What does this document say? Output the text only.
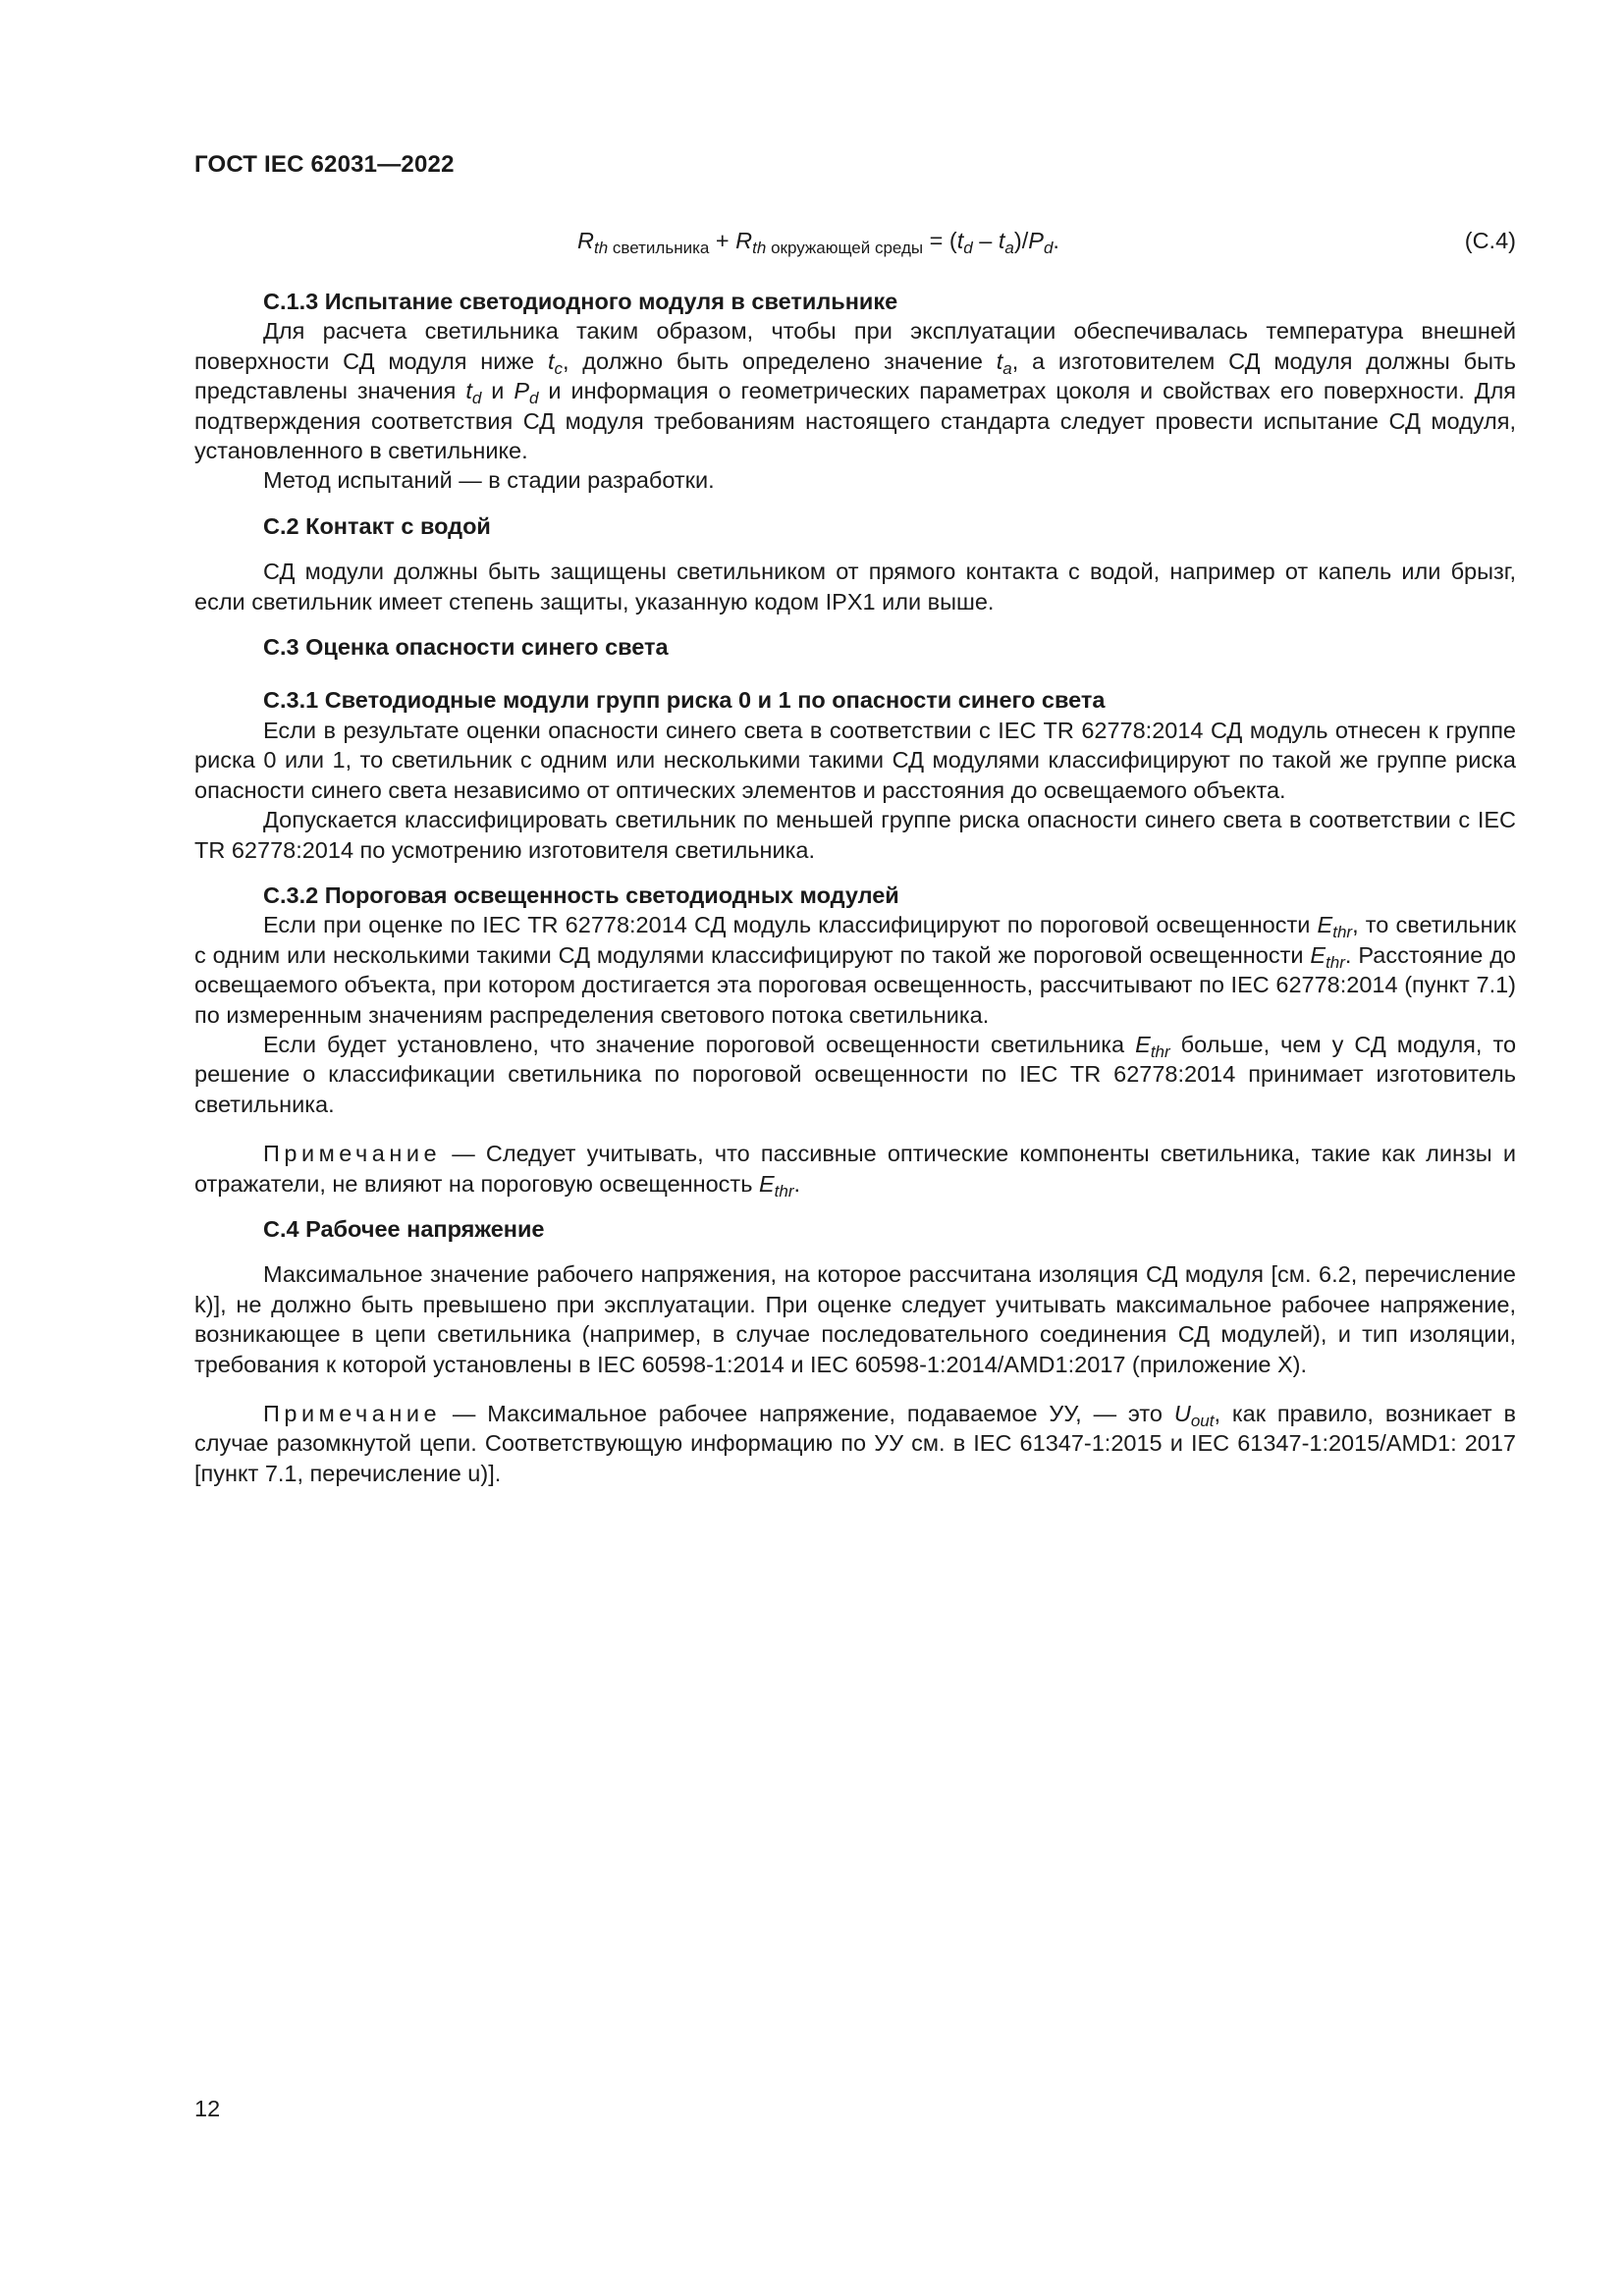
ГОСТ IEC 62031—2022
$R_{th светильника} + R_{th окружающей среды} = (t_d - t_a)/P_d$.	(C.4)
С.1.3 Испытание светодиодного модуля в светильнике

Для расчета светильника таким образом, чтобы при эксплуатации обеспечивалась температура внешней поверхности СД модуля ниже $t_c$, должно быть определено значение $t_a$, а изготовителем СД модуля должны быть представлены значения $t_d$ и $P_d$ и информация о геометрических параметрах цоколя и свойствах его поверхности. Для подтверждения соответствия СД модуля требованиям настоящего стандарта следует провести испытание СД модуля, установленного в светильнике.

Метод испытаний — в стадии разработки.

С.2 Контакт с водой

СД модули должны быть защищены светильником от прямого контакта с водой, например от капель или брызг, если светильник имеет степень защиты, указанную кодом IPX1 или выше.

С.3 Оценка опасности синего света
С.3.1 Светодиодные модули групп риска 0 и 1 по опасности синего света

Если в результате оценки опасности синего света в соответствии с IEC TR 62778:2014 СД модуль отнесен к группе риска 0 или 1, то светильник с одним или несколькими такими СД модулями классифицируют по такой же группе риска опасности синего света независимо от оптических элементов и расстояния до освещаемого объекта.

Допускается классифицировать светильник по меньшей группе риска опасности синего света в соответствии с IEC TR 62778:2014 по усмотрению изготовителя светильника.

С.3.2 Пороговая освещенность светодиодных модулей

Если при оценке по IEC TR 62778:2014 СД модуль классифицируют по пороговой освещенности $E_{thr}$, то светильник с одним или несколькими такими СД модулями классифицируют по такой же пороговой освещенности $E_{thr}$. Расстояние до освещаемого объекта, при котором достигается эта пороговая освещенность, рассчитывают по IEC 62778:2014 (пункт 7.1) по измеренным значениям распределения светового потока светильника.

Если будет установлено, что значение пороговой освещенности светильника $E_{thr}$ больше, чем у СД модуля, то решение о классификации светильника по пороговой освещенности по IEC TR 62778:2014 принимает изготовитель светильника.

Примечание — Следует учитывать, что пассивные оптические компоненты светильника, такие как линзы и отражатели, не влияют на пороговую освещенность $E_{thr}$.

С.4 Рабочее напряжение

Максимальное значение рабочего напряжения, на которое рассчитана изоляция СД модуля [см. 6.2, перечисление k)], не должно быть превышено при эксплуатации. При оценке следует учитывать максимальное рабочее напряжение, возникающее в цепи светильника (например, в случае последовательного соединения СД модулей), и тип изоляции, требования к которой установлены в IEC 60598-1:2014 и IEC 60598-1:2014/AMD1:2017 (приложение X).

Примечание — Максимальное рабочее напряжение, подаваемое УУ, — это $U_{out}$, как правило, возникает в случае разомкнутой цепи. Соответствующую информацию по УУ см. в IEC 61347-1:2015 и IEC 61347-1:2015/AMD1: 2017 [пункт 7.1, перечисление u)].

12
